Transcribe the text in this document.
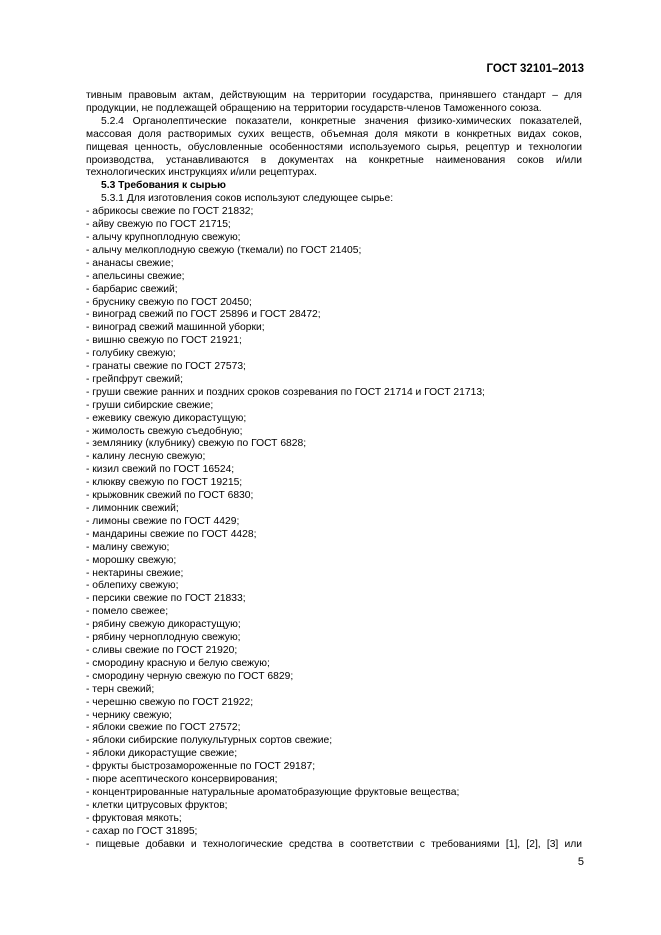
ГОСТ 32101–2013

тивным правовым актам, действующим на территории государства, принявшего стандарт – для продукции, не подлежащей обращению на территории государств-членов Таможенного союза.

5.2.4 Органолептические показатели, конкретные значения физико-химических показателей, массовая доля растворимых сухих веществ, объемная доля мякоти в конкретных видах соков, пищевая ценность, обусловленные особенностями используемого сырья, рецептур и технологии производства, устанавливаются в документах на конкретные наименования соков и/или технологических инструкциях и/или рецептурах.

5.3 Требования к сырью

5.3.1 Для изготовления соков используют следующее сырье:

- абрикосы свежие по ГОСТ 21832;
- айву свежую по ГОСТ 21715;
- алычу крупноплодную свежую;
- алычу мелкоплодную свежую (ткемали) по ГОСТ 21405;
- ананасы свежие;
- апельсины свежие;
- барбарис свежий;
- бруснику свежую по ГОСТ 20450;
- виноград свежий по ГОСТ 25896 и ГОСТ 28472;
- виноград свежий машинной уборки;
- вишню свежую по ГОСТ 21921;
- голубику свежую;
- гранаты свежие по ГОСТ 27573;
- грейпфрут свежий;
- груши свежие ранних и поздних сроков созревания по ГОСТ 21714 и ГОСТ 21713;
- груши сибирские свежие;
- ежевику свежую дикорастущую;
- жимолость свежую съедобную;
- землянику (клубнику) свежую по ГОСТ 6828;
- калину лесную свежую;
- кизил свежий по ГОСТ 16524;
- клюкву свежую по ГОСТ 19215;
- крыжовник свежий по ГОСТ 6830;
- лимонник свежий;
- лимоны свежие по ГОСТ 4429;
- мандарины свежие по ГОСТ 4428;
- малину свежую;
- морошку свежую;
- нектарины свежие;
- облепиху свежую;
- персики свежие по ГОСТ 21833;
- помело свежее;
- рябину свежую дикорастущую;
- рябину черноплодную свежую;
- сливы свежие по ГОСТ 21920;
- смородину красную и белую свежую;
- смородину черную свежую по ГОСТ 6829;
- терн свежий;
- черешню свежую по ГОСТ 21922;
- чернику свежую;
- яблоки свежие по ГОСТ 27572;
- яблоки сибирские полукультурных сортов свежие;
- яблоки дикорастущие свежие;
- фрукты быстрозамороженные по ГОСТ 29187;
- пюре асептического консервирования;
- концентрированные натуральные ароматобразующие фруктовые вещества;
- клетки цитрусовых фруктов;
- фруктовая мякоть;
- сахар по ГОСТ 31895;
- пищевые добавки и технологические средства в соответствии с требованиями [1], [2], [3] или
5
